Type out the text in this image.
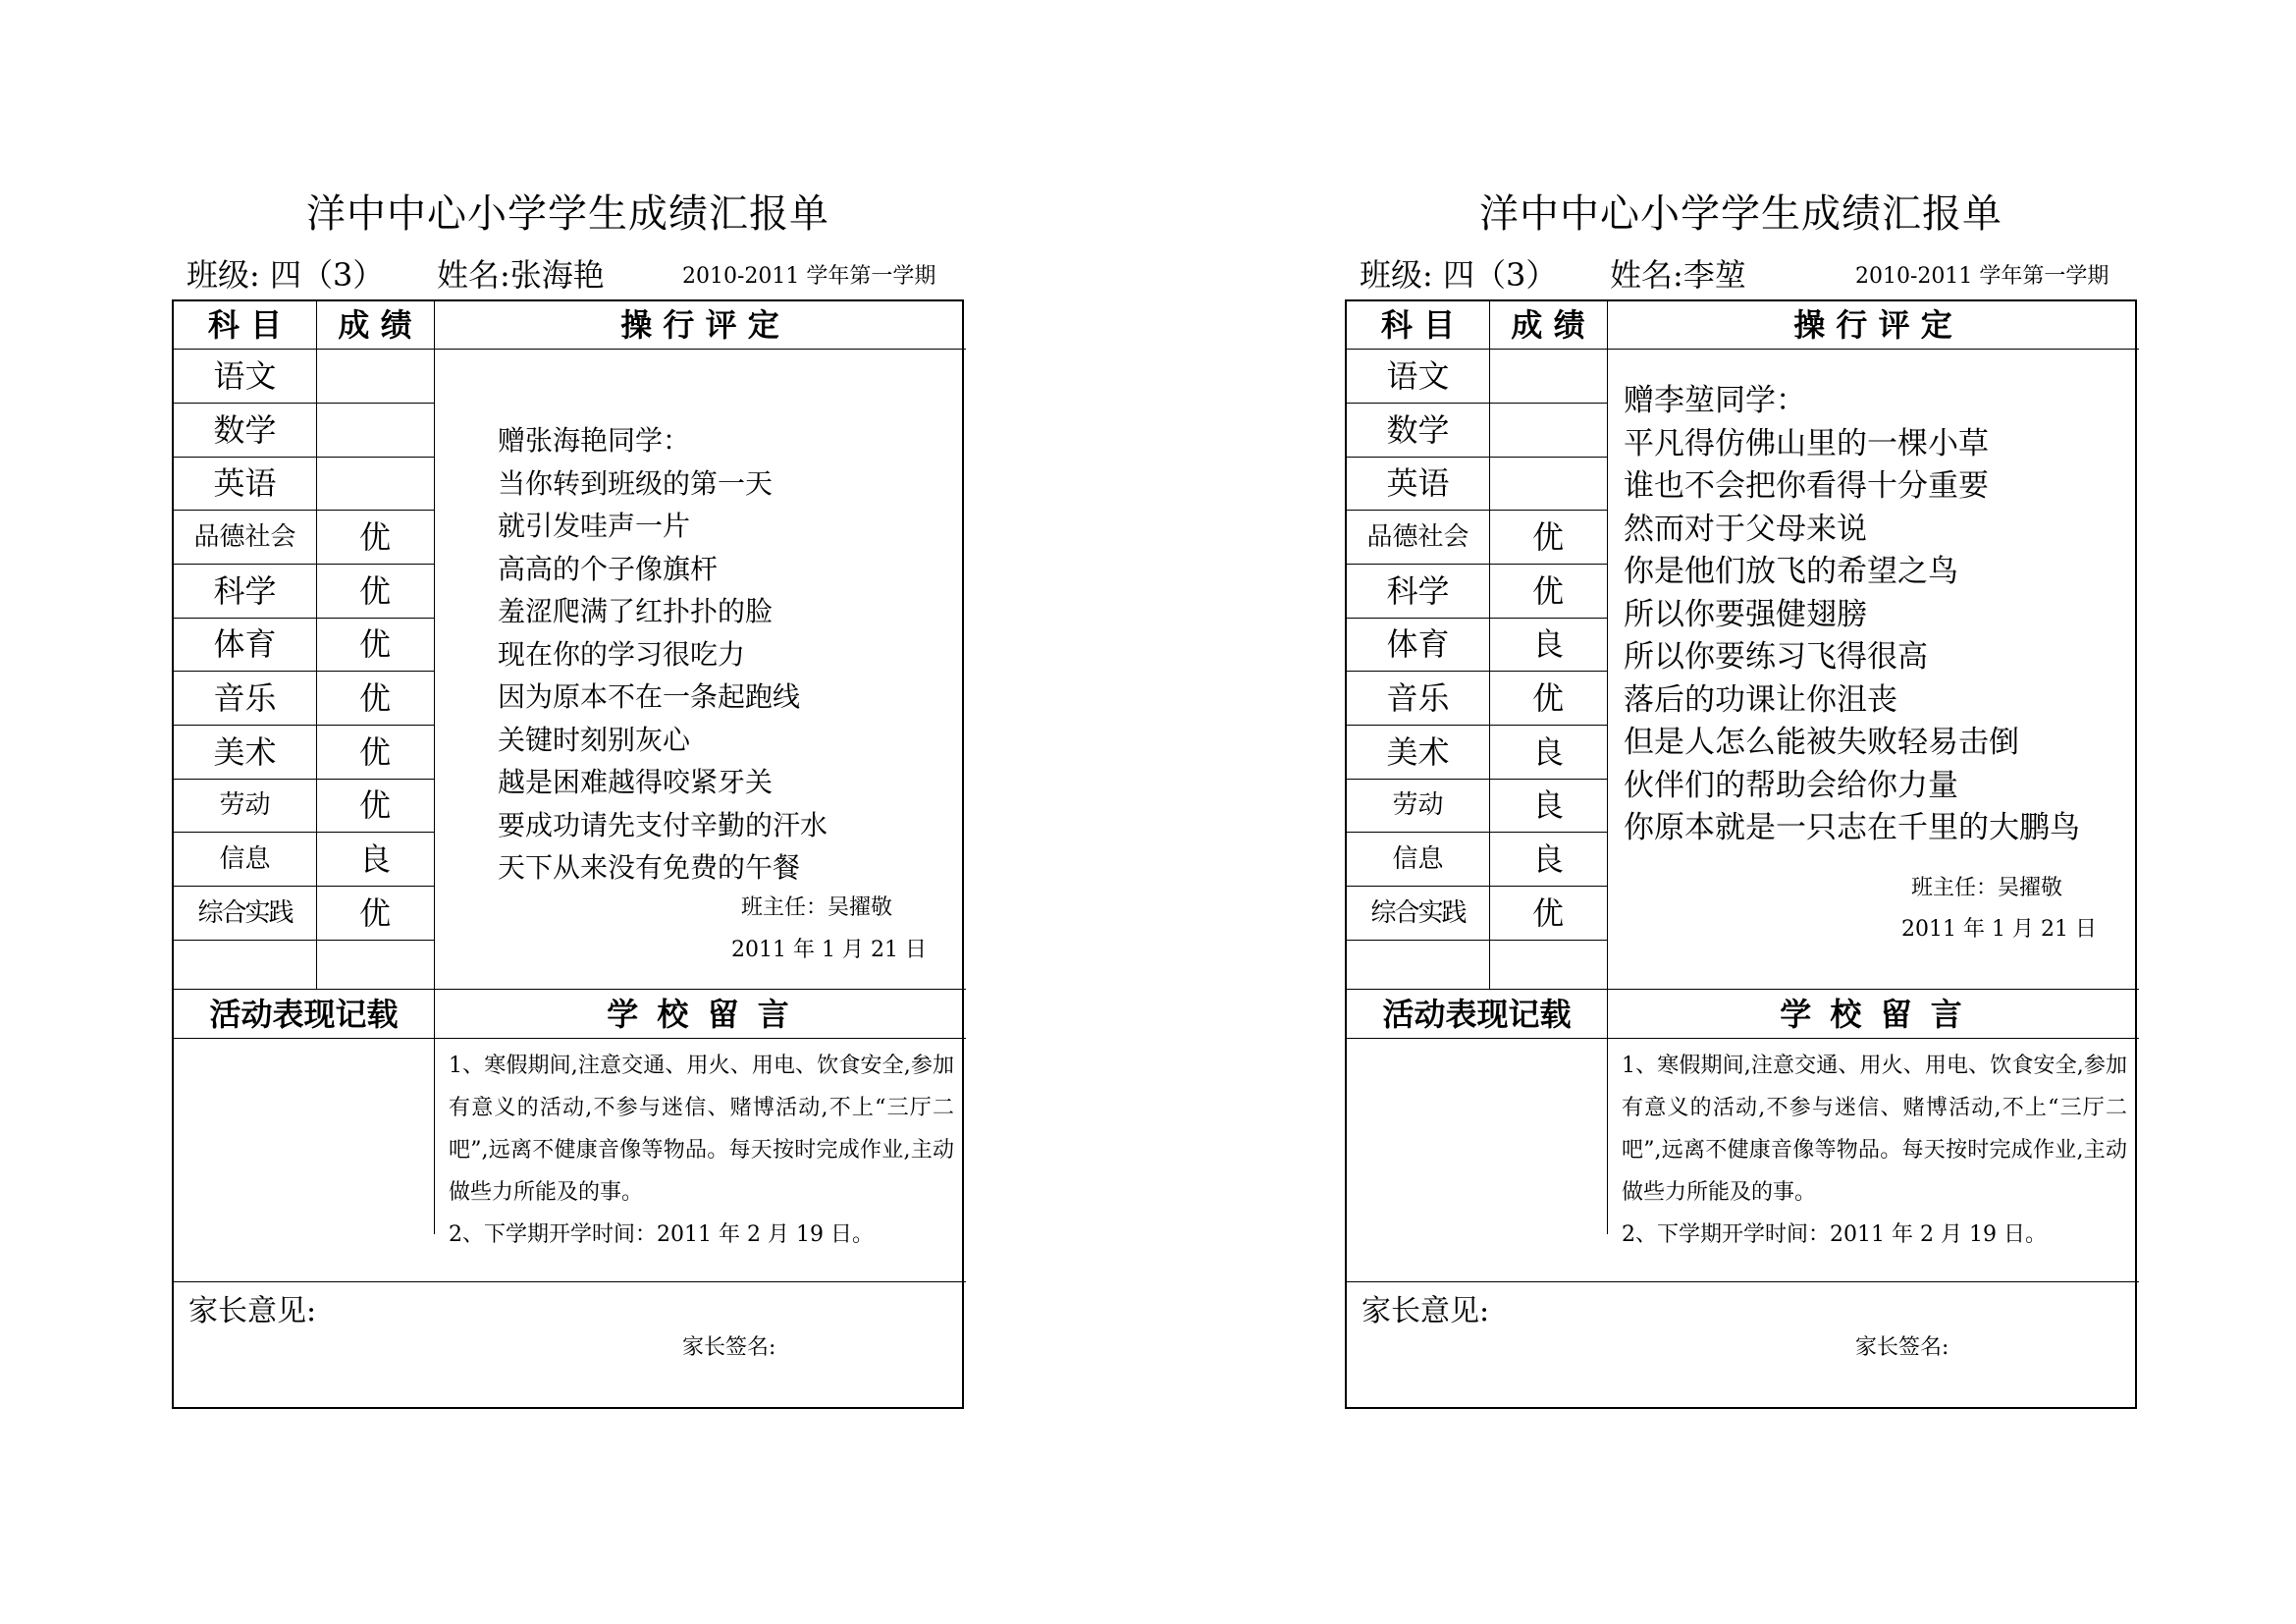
洋中中心小学学生成绩汇报单
班级: 四（3） 姓名:张海艳	2010-2011 学年第一学期
科 目	成 绩	操 行 评 定
语文
数学
英语
品德社会	优
科学	优
体育	优
音乐	优
美术	优
劳动	优
信息	良
综合实践	优
赠张海艳同学：
当你转到班级的第一天
就引发哇声一片
高高的个子像旗杆
羞涩爬满了红扑扑的脸
现在你的学习很吃力
因为原本不在一条起跑线
关键时刻别灰心
越是困难越得咬紧牙关
要成功请先支付辛勤的汗水
天下从来没有免费的午餐
班主任：吴擢敬
2011 年 1 月 21 日
活动表现记载	学 校 留 言
1、寒假期间,注意交通、用火、用电、饮食安全,参加有意义的活动,不参与迷信、赌博活动,不上“三厅二吧”,远离不健康音像等物品。每天按时完成作业,主动做些力所能及的事。
2、下学期开学时间：2011 年 2 月 19 日。
家长意见:
家长签名:
洋中中心小学学生成绩汇报单
班级: 四（3） 姓名:李堃	2010-2011 学年第一学期
科 目	成 绩	操 行 评 定
语文
数学
英语
品德社会	优
科学	优
体育	良
音乐	优
美术	良
劳动	良
信息	良
综合实践	优
赠李堃同学：
平凡得仿佛山里的一棵小草
谁也不会把你看得十分重要
然而对于父母来说
你是他们放飞的希望之鸟
所以你要强健翅膀
所以你要练习飞得很高
落后的功课让你沮丧
但是人怎么能被失败轻易击倒
伙伴们的帮助会给你力量
你原本就是一只志在千里的大鹏鸟
班主任：吴擢敬
2011 年 1 月 21 日
活动表现记载	学 校 留 言
1、寒假期间,注意交通、用火、用电、饮食安全,参加有意义的活动,不参与迷信、赌博活动,不上“三厅二吧”,远离不健康音像等物品。每天按时完成作业,主动做些力所能及的事。
2、下学期开学时间：2011 年 2 月 19 日。
家长意见:
家长签名:
